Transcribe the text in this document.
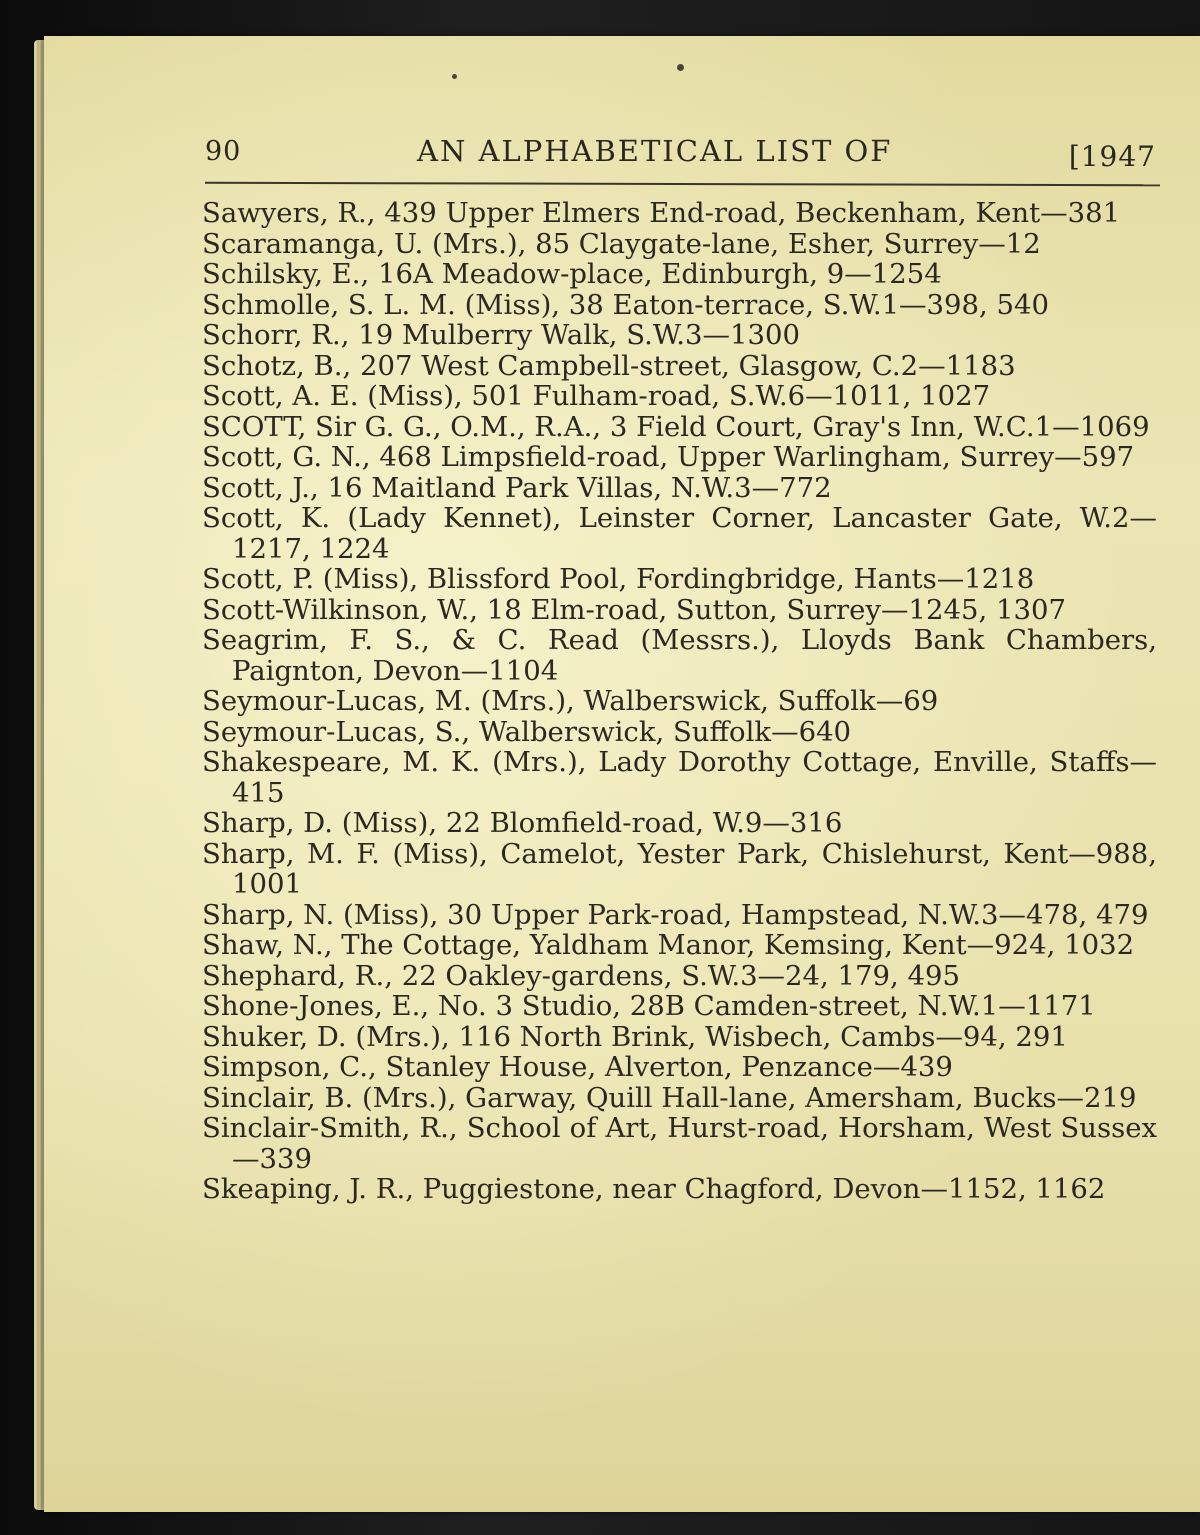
90	AN ALPHABETICAL LIST OF	[1947
Sawyers, R., 439 Upper Elmers End-road, Beckenham, Kent—381
Scaramanga, U. (Mrs.), 85 Claygate-lane, Esher, Surrey—12
Schilsky, E., 16A Meadow-place, Edinburgh, 9—1254
Schmolle, S. L. M. (Miss), 38 Eaton-terrace, S.W.1—398, 540
Schorr, R., 19 Mulberry Walk, S.W.3—1300
Schotz, B., 207 West Campbell-street, Glasgow, C.2—1183
Scott, A. E. (Miss), 501 Fulham-road, S.W.6—1011, 1027
SCOTT, Sir G. G., O.M., R.A., 3 Field Court, Gray's Inn, W.C.1—1069
Scott, G. N., 468 Limpsfield-road, Upper Warlingham, Surrey—597
Scott, J., 16 Maitland Park Villas, N.W.3—772
Scott, K. (Lady Kennet), Leinster Corner, Lancaster Gate, W.2—1217, 1224
Scott, P. (Miss), Blissford Pool, Fordingbridge, Hants—1218
Scott-Wilkinson, W., 18 Elm-road, Sutton, Surrey—1245, 1307
Seagrim, F. S., & C. Read (Messrs.), Lloyds Bank Chambers, Paignton, Devon—1104
Seymour-Lucas, M. (Mrs.), Walberswick, Suffolk—69
Seymour-Lucas, S., Walberswick, Suffolk—640
Shakespeare, M. K. (Mrs.), Lady Dorothy Cottage, Enville, Staffs—415
Sharp, D. (Miss), 22 Blomfield-road, W.9—316
Sharp, M. F. (Miss), Camelot, Yester Park, Chislehurst, Kent—988, 1001
Sharp, N. (Miss), 30 Upper Park-road, Hampstead, N.W.3—478, 479
Shaw, N., The Cottage, Yaldham Manor, Kemsing, Kent—924, 1032
Shephard, R., 22 Oakley-gardens, S.W.3—24, 179, 495
Shone-Jones, E., No. 3 Studio, 28B Camden-street, N.W.1—1171
Shuker, D. (Mrs.), 116 North Brink, Wisbech, Cambs—94, 291
Simpson, C., Stanley House, Alverton, Penzance—439
Sinclair, B. (Mrs.), Garway, Quill Hall-lane, Amersham, Bucks—219
Sinclair-Smith, R., School of Art, Hurst-road, Horsham, West Sussex—339
Skeaping, J. R., Puggiestone, near Chagford, Devon—1152, 1162
